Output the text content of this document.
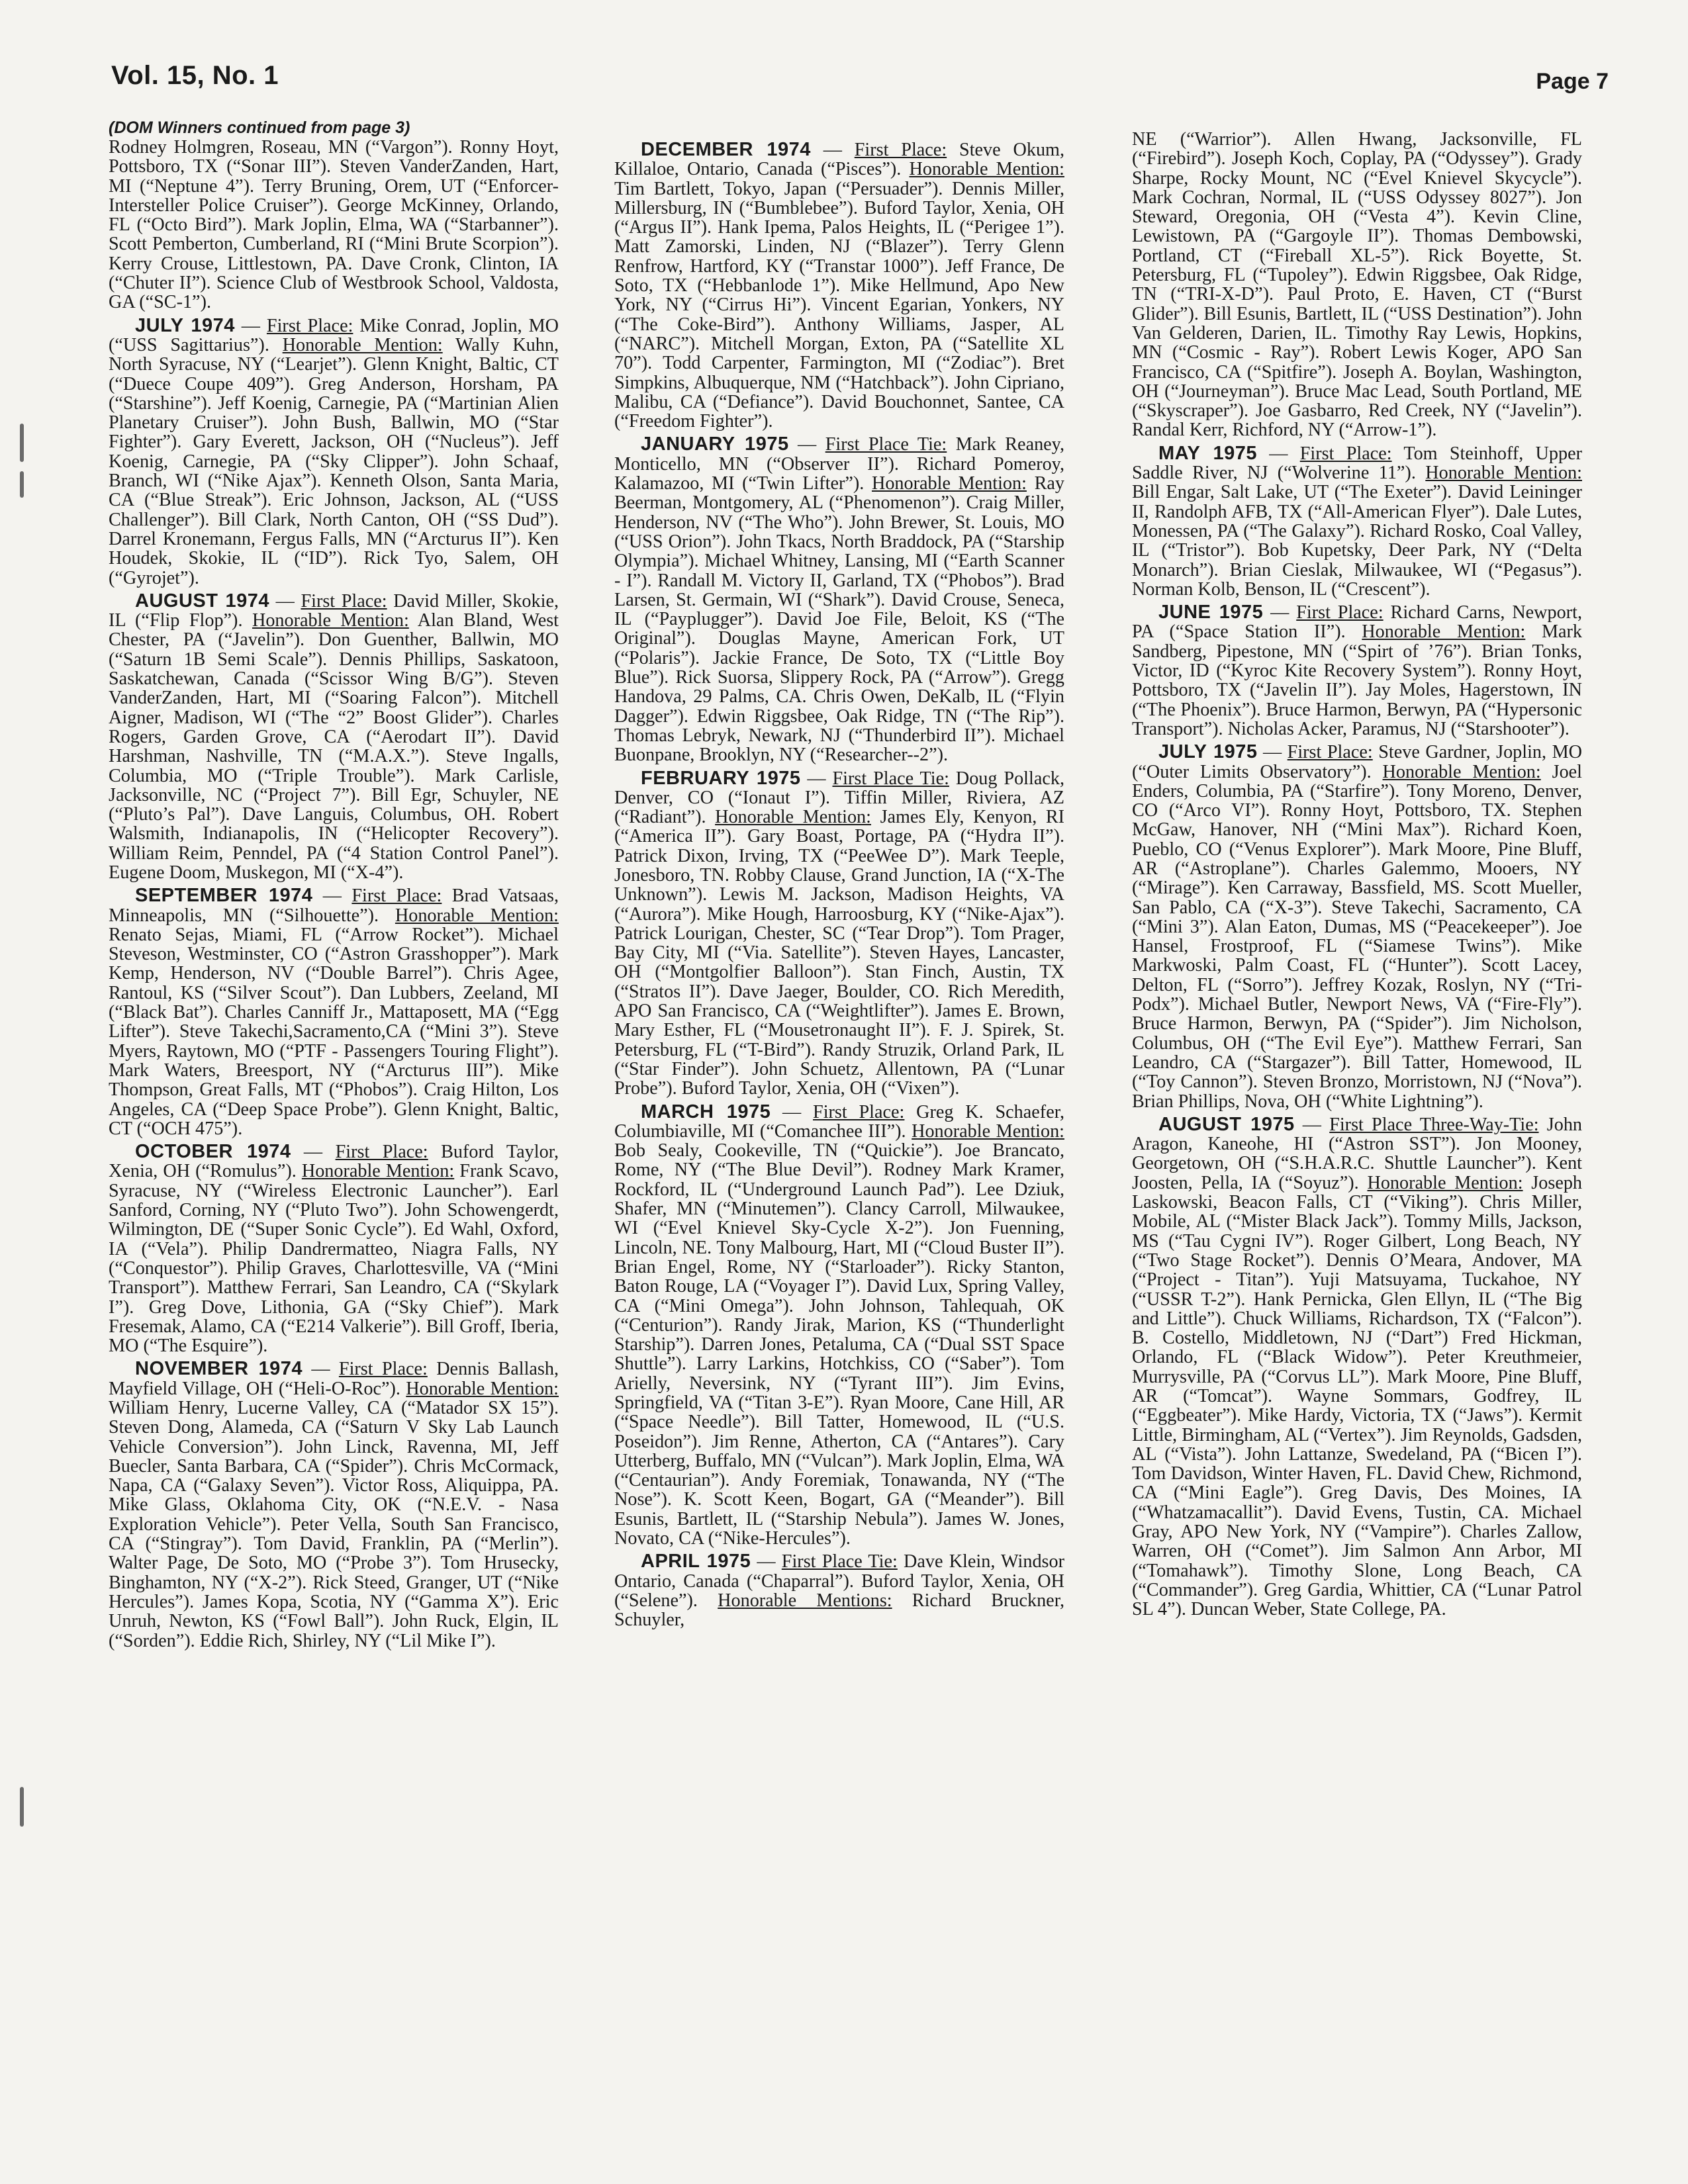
Vol. 15, No. 1	Page 7
(DOM Winners continued from page 3)

Rodney Holmgren, Roseau, MN (“Vargon”). Ronny Hoyt, Pottsboro, TX (“Sonar III”). Steven VanderZanden, Hart, MI (“Neptune 4”). Terry Bruning, Orem, UT (“Enforcer-Intersteller Police Cruiser”). George McKinney, Orlando, FL (“Octo Bird”). Mark Joplin, Elma, WA (“Starbanner”). Scott Pemberton, Cumberland, RI (“Mini Brute Scorpion”). Kerry Crouse, Littlestown, PA. Dave Cronk, Clinton, IA (“Chuter II”). Science Club of Westbrook School, Valdosta, GA (“SC-1”).

JULY 1974 — First Place: Mike Conrad, Joplin, MO (“USS Sagittarius”). Honorable Mention: Wally Kuhn, North Syracuse, NY (“Learjet”). Glenn Knight, Baltic, CT (“Duece Coupe 409”). Greg Anderson, Horsham, PA (“Starshine”). Jeff Koenig, Carnegie, PA (“Martinian Alien Planetary Cruiser”). John Bush, Ballwin, MO (“Star Fighter”). Gary Everett, Jackson, OH (“Nucleus”). Jeff Koenig, Carnegie, PA (“Sky Clipper”). John Schaaf, Branch, WI (“Nike Ajax”). Kenneth Olson, Santa Maria, CA (“Blue Streak”). Eric Johnson, Jackson, AL (“USS Challenger”). Bill Clark, North Canton, OH (“SS Dud”). Darrel Kronemann, Fergus Falls, MN (“Arcturus II”). Ken Houdek, Skokie, IL (“ID”). Rick Tyo, Salem, OH (“Gyrojet”).

AUGUST 1974 — First Place: David Miller, Skokie, IL (“Flip Flop”). Honorable Mention: Alan Bland, West Chester, PA (“Javelin”). Don Guenther, Ballwin, MO (“Saturn 1B Semi Scale”). Dennis Phillips, Saskatoon, Saskatchewan, Canada (“Scissor Wing B/G”). Steven VanderZanden, Hart, MI (“Soaring Falcon”). Mitchell Aigner, Madison, WI (“The “2” Boost Glider”). Charles Rogers, Garden Grove, CA (“Aerodart II”). David Harshman, Nashville, TN (“M.A.X.”). Steve Ingalls, Columbia, MO (“Triple Trouble”). Mark Carlisle, Jacksonville, NC (“Project 7”). Bill Egr, Schuyler, NE (“Pluto’s Pal”). Dave Languis, Columbus, OH. Robert Walsmith, Indianapolis, IN (“Helicopter Recovery”). William Reim, Penndel, PA (“4 Station Control Panel”). Eugene Doom, Muskegon, MI (“X-4”).

SEPTEMBER 1974 — First Place: Brad Vatsaas, Minneapolis, MN (“Silhouette”). Honorable Mention: Renato Sejas, Miami, FL (“Arrow Rocket”). Michael Steveson, Westminster, CO (“Astron Grasshopper”). Mark Kemp, Henderson, NV (“Double Barrel”). Chris Agee, Rantoul, KS (“Silver Scout”). Dan Lubbers, Zeeland, MI (“Black Bat”). Charles Canniff Jr., Mattaposett, MA (“Egg Lifter”). Steve Takechi,Sacramento,CA (“Mini 3”). Steve Myers, Raytown, MO (“PTF - Passengers Touring Flight”). Mark Waters, Breesport, NY (“Arcturus III”). Mike Thompson, Great Falls, MT (“Phobos”). Craig Hilton, Los Angeles, CA (“Deep Space Probe”). Glenn Knight, Baltic, CT (“OCH 475”).

OCTOBER 1974 — First Place: Buford Taylor, Xenia, OH (“Romulus”). Honorable Mention: Frank Scavo, Syracuse, NY (“Wireless Electronic Launcher”). Earl Sanford, Corning, NY (“Pluto Two”). John Schowengerdt, Wilmington, DE (“Super Sonic Cycle”). Ed Wahl, Oxford, IA (“Vela”). Philip Dandrermatteo, Niagra Falls, NY (“Conquestor”). Philip Graves, Charlottesville, VA (“Mini Transport”). Matthew Ferrari, San Leandro, CA (“Skylark I”). Greg Dove, Lithonia, GA (“Sky Chief”). Mark Fresemak, Alamo, CA (“E214 Valkerie”). Bill Groff, Iberia, MO (“The Esquire”).

NOVEMBER 1974 — First Place: Dennis Ballash, Mayfield Village, OH (“Heli-O-Roc”). Honorable Mention: William Henry, Lucerne Valley, CA (“Matador SX 15”). Steven Dong, Alameda, CA (“Saturn V Sky Lab Launch Vehicle Conversion”). John Linck, Ravenna, MI, Jeff Buecler, Santa Barbara, CA (“Spider”). Chris McCormack, Napa, CA (“Galaxy Seven”). Victor Ross, Aliquippa, PA. Mike Glass, Oklahoma City, OK (“N.E.V. - Nasa Exploration Vehicle”). Peter Vella, South San Francisco, CA (“Stingray”). Tom David, Franklin, PA (“Merlin”). Walter Page, De Soto, MO (“Probe 3”). Tom Hrusecky, Binghamton, NY (“X-2”). Rick Steed, Granger, UT (“Nike Hercules”). James Kopa, Scotia, NY (“Gamma X”). Eric Unruh, Newton, KS (“Fowl Ball”). John Ruck, Elgin, IL (“Sorden”). Eddie Rich, Shirley, NY (“Lil Mike I”).

DECEMBER 1974 — First Place: Steve Okum, Killaloe, Ontario, Canada (“Pisces”). Honorable Mention: Tim Bartlett, Tokyo, Japan (“Persuader”). Dennis Miller, Millersburg, IN (“Bumblebee”). Buford Taylor, Xenia, OH (“Argus II”). Hank Ipema, Palos Heights, IL (“Perigee 1”). Matt Zamorski, Linden, NJ (“Blazer”). Terry Glenn Renfrow, Hartford, KY (“Transtar 1000”). Jeff France, De Soto, TX (“Hebbanlode 1”). Mike Hellmund, Apo New York, NY (“Cirrus Hi”). Vincent Egarian, Yonkers, NY (“The Coke-Bird”). Anthony Williams, Jasper, AL (“NARC”). Mitchell Morgan, Exton, PA (“Satellite XL 70”). Todd Carpenter, Farmington, MI (“Zodiac”). Bret Simpkins, Albuquerque, NM (“Hatchback”). John Cipriano, Malibu, CA (“Defiance”). David Bouchonnet, Santee, CA (“Freedom Fighter”).

JANUARY 1975 — First Place Tie: Mark Reaney, Monticello, MN (“Observer II”). Richard Pomeroy, Kalamazoo, MI (“Twin Lifter”). Honorable Mention: Ray Beerman, Montgomery, AL (“Phenomenon”). Craig Miller, Henderson, NV (“The Who”). John Brewer, St. Louis, MO (“USS Orion”). John Tkacs, North Braddock, PA (“Starship Olympia”). Michael Whitney, Lansing, MI (“Earth Scanner - I”). Randall M. Victory II, Garland, TX (“Phobos”). Brad Larsen, St. Germain, WI (“Shark”). David Crouse, Seneca, IL (“Payplugger”). David Joe File, Beloit, KS (“The Original”). Douglas Mayne, American Fork, UT (“Polaris”). Jackie France, De Soto, TX (“Little Boy Blue”). Rick Suorsa, Slippery Rock, PA (“Arrow”). Gregg Handova, 29 Palms, CA. Chris Owen, DeKalb, IL (“Flyin Dagger”). Edwin Riggsbee, Oak Ridge, TN (“The Rip”). Thomas Lebryk, Newark, NJ (“Thunderbird II”). Michael Buonpane, Brooklyn, NY (“Researcher--2”).

FEBRUARY 1975 — First Place Tie: Doug Pollack, Denver, CO (“Ionaut I”). Tiffin Miller, Riviera, AZ (“Radiant”). Honorable Mention: James Ely, Kenyon, RI (“America II”). Gary Boast, Portage, PA (“Hydra II”). Patrick Dixon, Irving, TX (“PeeWee D”). Mark Teeple, Jonesboro, TN. Robby Clause, Grand Junction, IA (“X-The Unknown”). Lewis M. Jackson, Madison Heights, VA (“Aurora”). Mike Hough, Harroosburg, KY (“Nike-Ajax”). Patrick Lourigan, Chester, SC (“Tear Drop”). Tom Prager, Bay City, MI (“Via. Satellite”). Steven Hayes, Lancaster, OH (“Montgolfier Balloon”). Stan Finch, Austin, TX (“Stratos II”). Dave Jaeger, Boulder, CO. Rich Meredith, APO San Francisco, CA (“Weightlifter”). James E. Brown, Mary Esther, FL (“Mousetronaught II”). F. J. Spirek, St. Petersburg, FL (“T-Bird”). Randy Struzik, Orland Park, IL (“Star Finder”). John Schuetz, Allentown, PA (“Lunar Probe”). Buford Taylor, Xenia, OH (“Vixen”).

MARCH 1975 — First Place: Greg K. Schaefer, Columbiaville, MI (“Comanchee III”). Honorable Mention: Bob Sealy, Cookeville, TN (“Quickie”). Joe Brancato, Rome, NY (“The Blue Devil”). Rodney Mark Kramer, Rockford, IL (“Underground Launch Pad”). Lee Dziuk, Shafer, MN (“Minutemen”). Clancy Carroll, Milwaukee, WI (“Evel Knievel Sky-Cycle X-2”). Jon Fuenning, Lincoln, NE. Tony Malbourg, Hart, MI (“Cloud Buster II”). Brian Engel, Rome, NY (“Starloader”). Ricky Stanton, Baton Rouge, LA (“Voyager I”). David Lux, Spring Valley, CA (“Mini Omega”). John Johnson, Tahlequah, OK (“Centurion”). Randy Jirak, Marion, KS (“Thunderlight Starship”). Darren Jones, Petaluma, CA (“Dual SST Space Shuttle”). Larry Larkins, Hotchkiss, CO (“Saber”). Tom Arielly, Neversink, NY (“Tyrant III”). Jim Evins, Springfield, VA (“Titan 3-E”). Ryan Moore, Cane Hill, AR (“Space Needle”). Bill Tatter, Homewood, IL (“U.S. Poseidon”). Jim Renne, Atherton, CA (“Antares”). Cary Utterberg, Buffalo, MN (“Vulcan”). Mark Joplin, Elma, WA (“Centaurian”). Andy Foremiak, Tonawanda, NY (“The Nose”). K. Scott Keen, Bogart, GA (“Meander”). Bill Esunis, Bartlett, IL (“Starship Nebula”). James W. Jones, Novato, CA (“Nike-Hercules”).

APRIL 1975 — First Place Tie: Dave Klein, Windsor Ontario, Canada (“Chaparral”). Buford Taylor, Xenia, OH (“Selene”). Honorable Mentions: Richard Bruckner, Schuyler,

NE (“Warrior”). Allen Hwang, Jacksonville, FL (“Firebird”). Joseph Koch, Coplay, PA (“Odyssey”). Grady Sharpe, Rocky Mount, NC (“Evel Knievel Skycycle”). Mark Cochran, Normal, IL (“USS Odyssey 8027”). Jon Steward, Oregonia, OH (“Vesta 4”). Kevin Cline, Lewistown, PA (“Gargoyle II”). Thomas Dembowski, Portland, CT (“Fireball XL-5”). Rick Boyette, St. Petersburg, FL (“Tupoley”). Edwin Riggsbee, Oak Ridge, TN (“TRI-X-D”). Paul Proto, E. Haven, CT (“Burst Glider”). Bill Esunis, Bartlett, IL (“USS Destination”). John Van Gelderen, Darien, IL. Timothy Ray Lewis, Hopkins, MN (“Cosmic - Ray”). Robert Lewis Koger, APO San Francisco, CA (“Spitfire”). Joseph A. Boylan, Washington, OH (“Journeyman”). Bruce Mac Lead, South Portland, ME (“Skyscraper”). Joe Gasbarro, Red Creek, NY (“Javelin”). Randal Kerr, Richford, NY (“Arrow-1”).

MAY 1975 — First Place: Tom Steinhoff, Upper Saddle River, NJ (“Wolverine 11”). Honorable Mention: Bill Engar, Salt Lake, UT (“The Exeter”). David Leininger II, Randolph AFB, TX (“All-American Flyer”). Dale Lutes, Monessen, PA (“The Galaxy”). Richard Rosko, Coal Valley, IL (“Tristor”). Bob Kupetsky, Deer Park, NY (“Delta Monarch”). Brian Cieslak, Milwaukee, WI (“Pegasus”). Norman Kolb, Benson, IL (“Crescent”).

JUNE 1975 — First Place: Richard Carns, Newport, PA (“Space Station II”). Honorable Mention: Mark Sandberg, Pipestone, MN (“Spirt of ’76”). Brian Tonks, Victor, ID (“Kyroc Kite Recovery System”). Ronny Hoyt, Pottsboro, TX (“Javelin II”). Jay Moles, Hagerstown, IN (“The Phoenix”). Bruce Harmon, Berwyn, PA (“Hypersonic Transport”). Nicholas Acker, Paramus, NJ (“Starshooter”).

JULY 1975 — First Place: Steve Gardner, Joplin, MO (“Outer Limits Observatory”). Honorable Mention: Joel Enders, Columbia, PA (“Starfire”). Tony Moreno, Denver, CO (“Arco VI”). Ronny Hoyt, Pottsboro, TX. Stephen McGaw, Hanover, NH (“Mini Max”). Richard Koen, Pueblo, CO (“Venus Explorer”). Mark Moore, Pine Bluff, AR (“Astroplane”). Charles Galemmo, Mooers, NY (“Mirage”). Ken Carraway, Bassfield, MS. Scott Mueller, San Pablo, CA (“X-3”). Steve Takechi, Sacramento, CA (“Mini 3”). Alan Eaton, Dumas, MS (“Peacekeeper”). Joe Hansel, Frostproof, FL (“Siamese Twins”). Mike Markwoski, Palm Coast, FL (“Hunter”). Scott Lacey, Delton, FL (“Sorro”). Jeffrey Kozak, Roslyn, NY (“Tri-Podx”). Michael Butler, Newport News, VA (“Fire-Fly”). Bruce Harmon, Berwyn, PA (“Spider”). Jim Nicholson, Columbus, OH (“The Evil Eye”). Matthew Ferrari, San Leandro, CA (“Stargazer”). Bill Tatter, Homewood, IL (“Toy Cannon”). Steven Bronzo, Morristown, NJ (“Nova”). Brian Phillips, Nova, OH (“White Lightning”).

AUGUST 1975 — First Place Three-Way-Tie: John Aragon, Kaneohe, HI (“Astron SST”). Jon Mooney, Georgetown, OH (“S.H.A.R.C. Shuttle Launcher”). Kent Joosten, Pella, IA (“Soyuz”). Honorable Mention: Joseph Laskowski, Beacon Falls, CT (“Viking”). Chris Miller, Mobile, AL (“Mister Black Jack”). Tommy Mills, Jackson, MS (“Tau Cygni IV”). Roger Gilbert, Long Beach, NY (“Two Stage Rocket”). Dennis O’Meara, Andover, MA (“Project - Titan”). Yuji Matsuyama, Tuckahoe, NY (“USSR T-2”). Hank Pernicka, Glen Ellyn, IL (“The Big and Little”). Chuck Williams, Richardson, TX (“Falcon”). B. Costello, Middletown, NJ (“Dart”) Fred Hickman, Orlando, FL (“Black Widow”). Peter Kreuthmeier, Murrysville, PA (“Corvus LL”). Mark Moore, Pine Bluff, AR (“Tomcat”). Wayne Sommars, Godfrey, IL (“Eggbeater”). Mike Hardy, Victoria, TX (“Jaws”). Kermit Little, Birmingham, AL (“Vertex”). Jim Reynolds, Gadsden, AL (“Vista”). John Lattanze, Swedeland, PA (“Bicen I”). Tom Davidson, Winter Haven, FL. David Chew, Richmond, CA (“Mini Eagle”). Greg Davis, Des Moines, IA (“Whatzamacallit”). David Evens, Tustin, CA. Michael Gray, APO New York, NY (“Vampire”). Charles Zallow, Warren, OH (“Comet”). Jim Salmon Ann Arbor, MI (“Tomahawk”). Timothy Slone, Long Beach, CA (“Commander”). Greg Gardia, Whittier, CA (“Lunar Patrol SL 4”). Duncan Weber, State College, PA.
